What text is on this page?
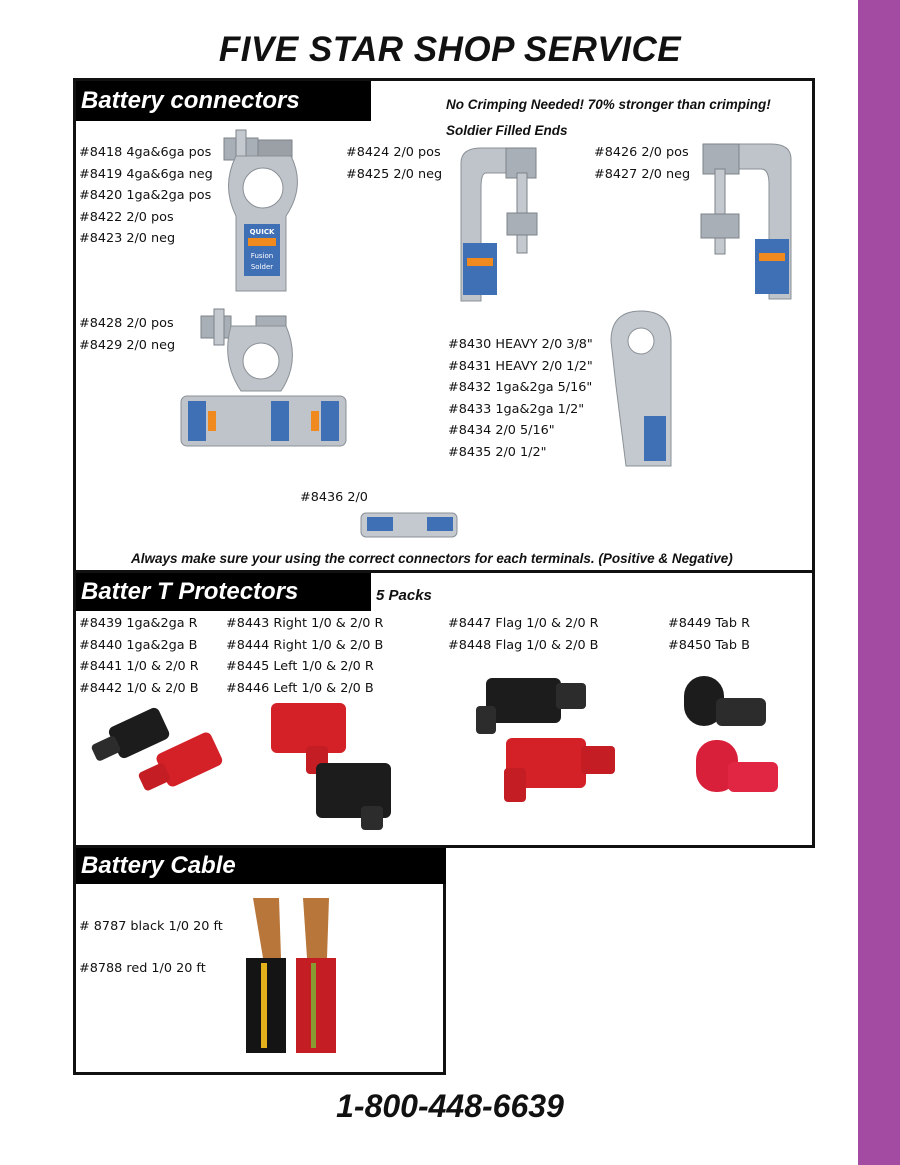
FIVE STAR SHOP SERVICE
Battery connectors	No Crimping Needed! 70% stronger than crimping!
Soldier Filled Ends
#8418 4ga&6ga pos
#8419 4ga&6ga neg
#8420 1ga&2ga pos
#8422 2/0 pos
#8423 2/0 neg
#8424 2/0 pos
#8425 2/0 neg
#8426 2/0 pos
#8427 2/0 neg
#8428 2/0 pos
#8429 2/0 neg	#8430 HEAVY 2/0 3/8"
#8431 HEAVY 2/0 1/2"
#8432 1ga&2ga 5/16"
#8433 1ga&2ga 1/2"
#8434 2/0 5/16"
#8435 2/0 1/2"
#8436 2/0
QUICK
Fusion
Solder
Always make sure your using the correct connectors for each terminals. (Positive & Negative)
Batter T Protectors	5 Packs
#8439 1ga&2ga R
#8440 1ga&2ga B
#8441 1/0 & 2/0 R
#8442 1/0 & 2/0 B
#8443 Right 1/0 & 2/0 R
#8444 Right 1/0 & 2/0 B
#8445 Left 1/0 & 2/0 R
#8446 Left 1/0 & 2/0 B
#8447 Flag 1/0 & 2/0 R
#8448 Flag 1/0 & 2/0 B
#8449 Tab R
#8450 Tab B
Battery Cable
# 8787 black 1/0 20 ft
#8788 red 1/0 20 ft
1-800-448-6639
